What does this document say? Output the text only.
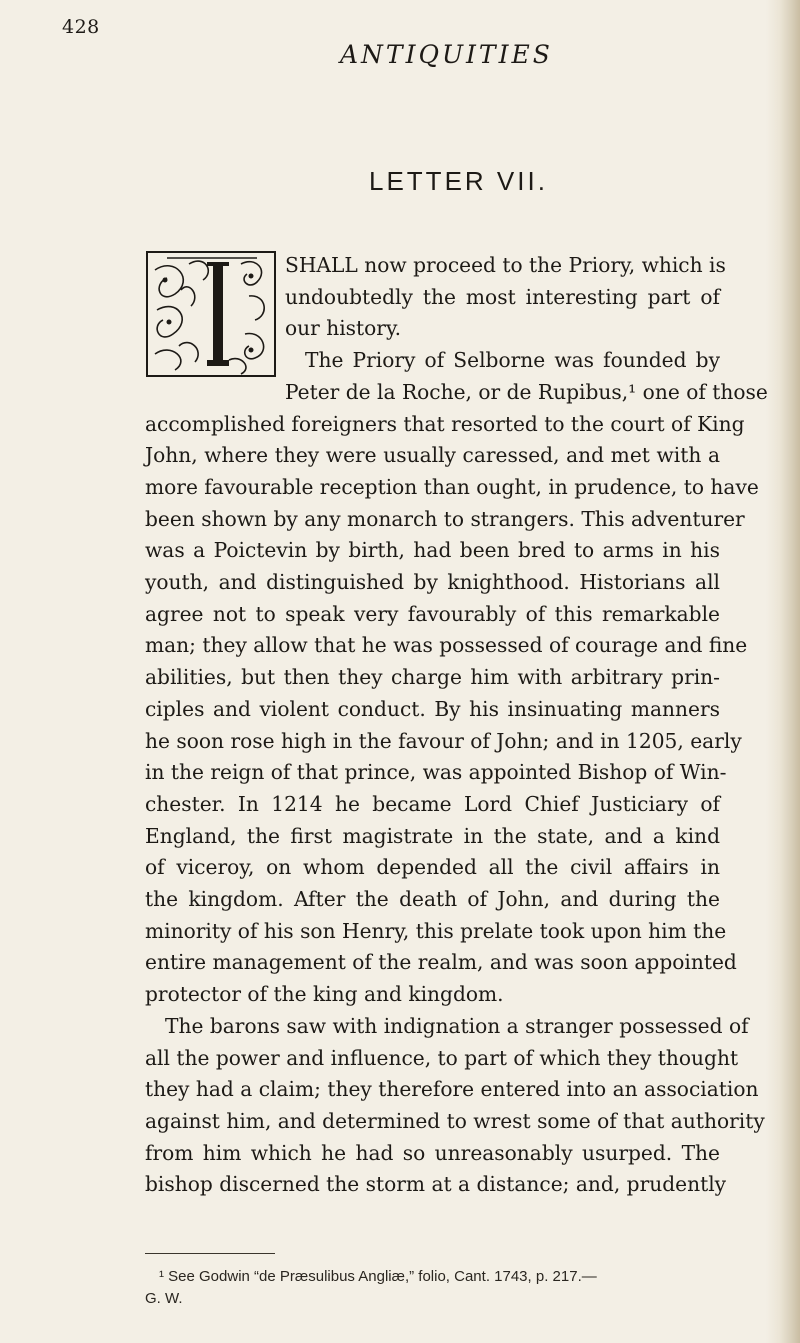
428
ANTIQUITIES
LETTER VII.
SHALL now proceed to the Priory, which is
undoubtedly the most interesting part of
our history.
The Priory of Selborne was founded by
Peter de la Roche, or de Rupibus,¹ one of those
accomplished foreigners that resorted to the court of King
John, where they were usually caressed, and met with a
more favourable reception than ought, in prudence, to have
been shown by any monarch to strangers. This adventurer
was a Poictevin by birth, had been bred to arms in his
youth, and distinguished by knighthood. Historians all
agree not to speak very favourably of this remarkable
man; they allow that he was possessed of courage and fine
abilities, but then they charge him with arbitrary prin-
ciples and violent conduct. By his insinuating manners
he soon rose high in the favour of John; and in 1205, early
in the reign of that prince, was appointed Bishop of Win-
chester. In 1214 he became Lord Chief Justiciary of
England, the first magistrate in the state, and a kind
of viceroy, on whom depended all the civil affairs in
the kingdom. After the death of John, and during the
minority of his son Henry, this prelate took upon him the
entire management of the realm, and was soon appointed
protector of the king and kingdom.
The barons saw with indignation a stranger possessed of
all the power and influence, to part of which they thought
they had a claim; they therefore entered into an association
against him, and determined to wrest some of that authority
from him which he had so unreasonably usurped. The
bishop discerned the storm at a distance; and, prudently
¹ See Godwin “de Præsulibus Angliæ,” folio, Cant. 1743, p. 217.—
G. W.
